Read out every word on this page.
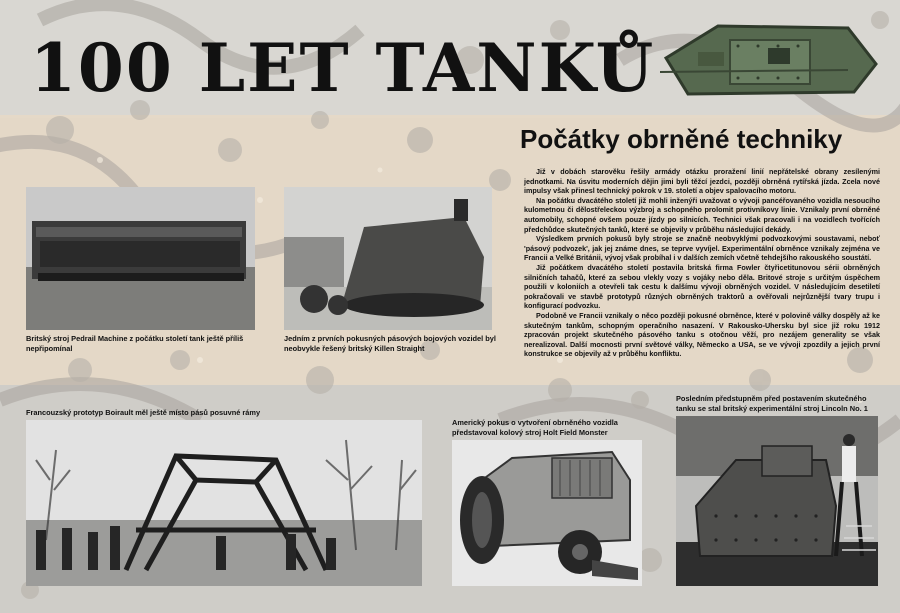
100 LET TANKŮ
Počátky obrněné techniky

Již v dobách starověku řešily armády otázku proražení linií nepřátelské obrany zesílenými jednotkami. Na úsvitu moderních dějin jimi byli těžcí jezdci, později obrněná rytířská jízda. Zcela nové impulsy však přinesl technický pokrok v 19. století a objev spalovacího motoru.

Na počátku dvacátého století již mohli inženýři uvažovat o vývoji pancéřovaného vozidla nesoucího kulometnou či dělostřeleckou výzbroj a schopného prolomit protivníkovy linie. Vznikaly první obrněné automobily, schopné ovšem pouze jízdy po silnicích. Technici však pracovali i na vozidlech tvořících předchůdce skutečných tanků, které se objevily v průběhu následující dekády.

Výsledkem prvních pokusů byly stroje se značně neobvyklými podvozkovými soustavami, neboť 'pásový podvozek', jak jej známe dnes, se teprve vyvíjel. Experimentální obrněnce vznikaly zejména ve Francii a Velké Británii, vývoj však probíhal i v dalších zemích včetně tehdejšího rakouského soustátí.

Již počátkem dvacátého století postavila britská firma Fowler čtyřicetitunovou sérii obrněných silničních tahačů, které za sebou vlekly vozy s vojáky nebo děla. Britové stroje s určitým úspěchem použili v koloniích a otevřeli tak cestu k dalšímu vývoji obrněných vozidel. V následujícím desetiletí pokračovali ve stavbě prototypů různých obrněných traktorů a ověřovali nejrůznější tvary trupu i konfigurací podvozku.

Podobně ve Francii vznikaly o něco později pokusné obrněnce, které v polovině války dospěly až ke skutečným tankům, schopným operačního nasazení. V Rakousko-Uhersku byl sice již roku 1912 zpracován projekt skutečného pásového tanku s otočnou věží, pro nezájem generality se však nerealizoval. Další mocnosti první světové války, Německo a USA, se ve vývoji zpozdily a jejich první konstrukce se objevily až v průběhu konfliktu.

Britský stroj Pedrail Machine z počátku století tank ještě příliš nepřipomínal
Jedním z prvních pokusných pásových bojových vozidel byl neobvykle řešený britský Killen Straight
Francouzský prototyp Boirault měl ještě místo pásů posuvné rámy
Americký pokus o vytvoření obrněného vozidla představoval kolový stroj Holt Field Monster
Posledním předstupněm před postavením skutečného tanku se stal britský experimentální stroj Lincoln No. 1
